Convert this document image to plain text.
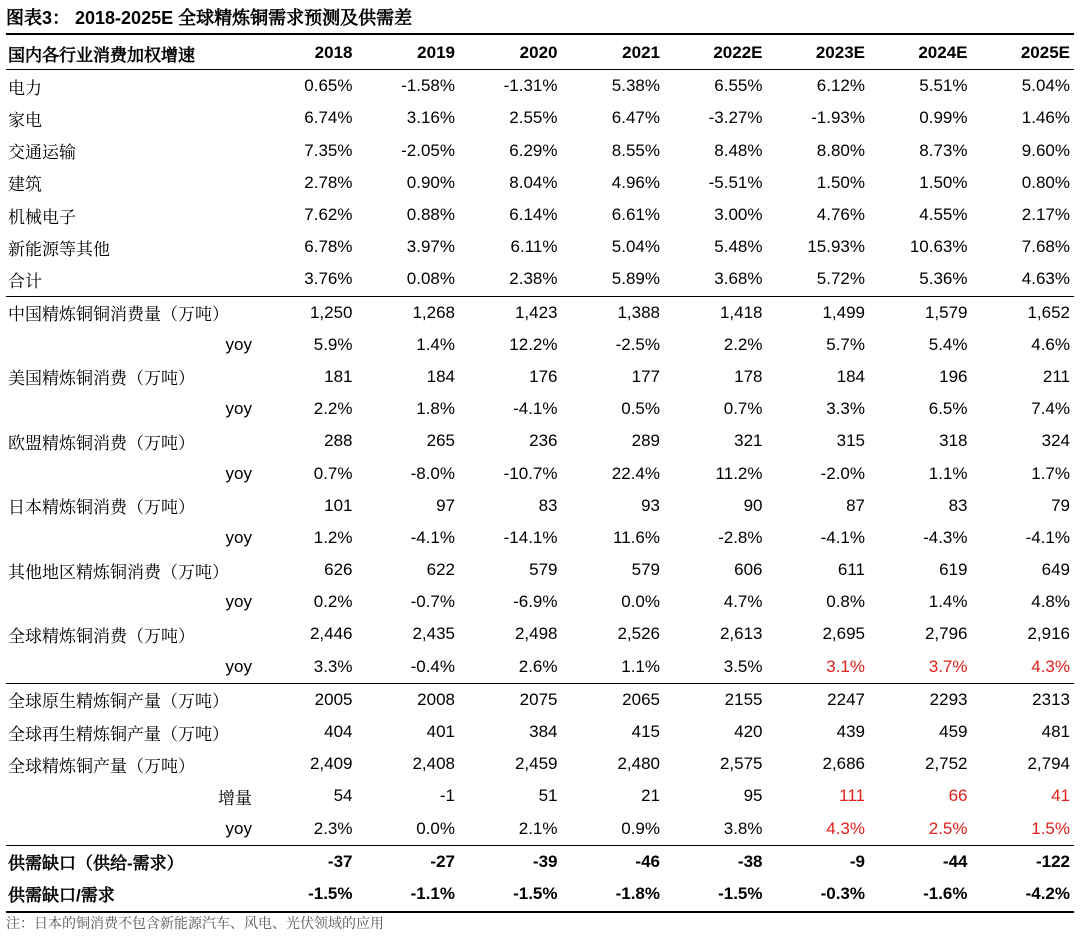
图表3： 2018-2025E 全球精炼铜需求预测及供需差
国内各行业消费加权增速	2018	2019	2020	2021	2022E	2023E	2024E	2025E
电力	0.65%	-1.58%	-1.31%	5.38%	6.55%	6.12%	5.51%	5.04%
家电	6.74%	3.16%	2.55%	6.47%	-3.27%	-1.93%	0.99%	1.46%
交通运输	7.35%	-2.05%	6.29%	8.55%	8.48%	8.80%	8.73%	9.60%
建筑	2.78%	0.90%	8.04%	4.96%	-5.51%	1.50%	1.50%	0.80%
机械电子	7.62%	0.88%	6.14%	6.61%	3.00%	4.76%	4.55%	2.17%
新能源等其他	6.78%	3.97%	6.11%	5.04%	5.48%	15.93%	10.63%	7.68%
合计	3.76%	0.08%	2.38%	5.89%	3.68%	5.72%	5.36%	4.63%
中国精炼铜铜消费量（万吨）	1,250	1,268	1,423	1,388	1,418	1,499	1,579	1,652
yoy	5.9%	1.4%	12.2%	-2.5%	2.2%	5.7%	5.4%	4.6%
美国精炼铜消费（万吨）	181	184	176	177	178	184	196	211
yoy	2.2%	1.8%	-4.1%	0.5%	0.7%	3.3%	6.5%	7.4%
欧盟精炼铜消费（万吨）	288	265	236	289	321	315	318	324
yoy	0.7%	-8.0%	-10.7%	22.4%	11.2%	-2.0%	1.1%	1.7%
日本精炼铜消费（万吨）	101	97	83	93	90	87	83	79
yoy	1.2%	-4.1%	-14.1%	11.6%	-2.8%	-4.1%	-4.3%	-4.1%
其他地区精炼铜消费（万吨）	626	622	579	579	606	611	619	649
yoy	0.2%	-0.7%	-6.9%	0.0%	4.7%	0.8%	1.4%	4.8%
全球精炼铜消费（万吨）	2,446	2,435	2,498	2,526	2,613	2,695	2,796	2,916
yoy	3.3%	-0.4%	2.6%	1.1%	3.5%	3.1%	3.7%	4.3%
全球原生精炼铜产量（万吨）	2005	2008	2075	2065	2155	2247	2293	2313
全球再生精炼铜产量（万吨）	404	401	384	415	420	439	459	481
全球精炼铜产量（万吨）	2,409	2,408	2,459	2,480	2,575	2,686	2,752	2,794
增量	54	-1	51	21	95	111	66	41
yoy	2.3%	0.0%	2.1%	0.9%	3.8%	4.3%	2.5%	1.5%
供需缺口（供给-需求）	-37	-27	-39	-46	-38	-9	-44	-122
供需缺口/需求	-1.5%	-1.1%	-1.5%	-1.8%	-1.5%	-0.3%	-1.6%	-4.2%
注：日本的铜消费不包含新能源汽车、风电、光伏领域的应用
